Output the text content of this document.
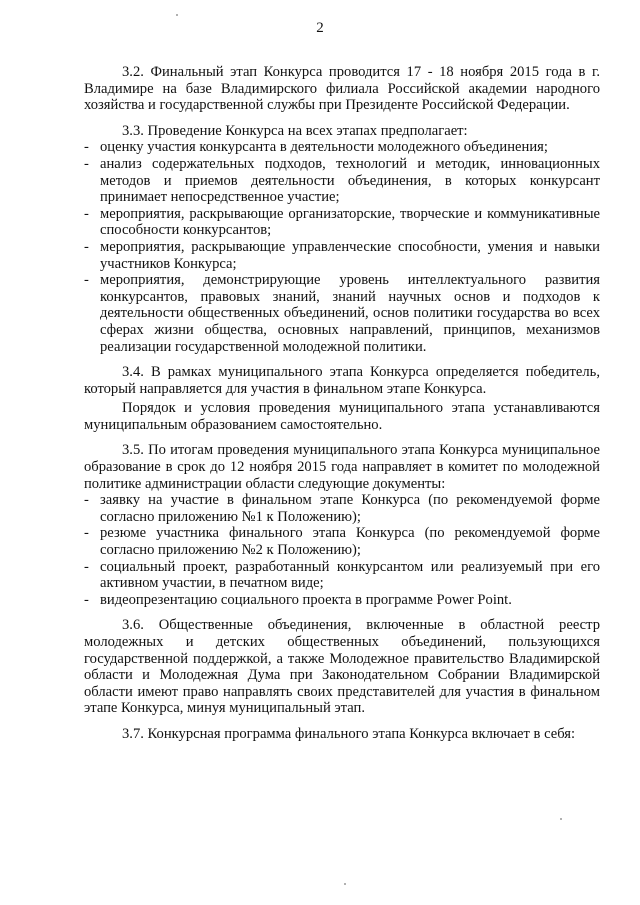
2

3.2. Финальный этап Конкурса проводится 17 - 18 ноября 2015 года в г. Владимире на базе Владимирского филиала Российской академии народного хозяйства и государственной службы при Президенте Российской Федерации.

3.3. Проведение Конкурса на всех этапах предполагает:

- оценку участия конкурсанта в деятельности молодежного объединения;

- анализ содержательных подходов, технологий и методик, инновационных методов и приемов деятельности объединения, в которых конкурсант принимает непосредственное участие;

- мероприятия, раскрывающие организаторские, творческие и коммуникативные способности конкурсантов;

- мероприятия, раскрывающие управленческие способности, умения и навыки участников Конкурса;

- мероприятия, демонстрирующие уровень интеллектуального развития конкурсантов, правовых знаний, знаний научных основ и подходов к деятельности общественных объединений, основ политики государства во всех сферах жизни общества, основных направлений, принципов, механизмов реализации государственной молодежной политики.

3.4. В рамках муниципального этапа Конкурса определяется победитель, который направляется для участия в финальном этапе Конкурса.

Порядок и условия проведения муниципального этапа устанавливаются муниципальным образованием самостоятельно.

3.5. По итогам проведения муниципального этапа Конкурса муниципальное образование в срок до 12 ноября 2015 года направляет в комитет по молодежной политике администрации области следующие документы:

- заявку на участие в финальном этапе Конкурса (по рекомендуемой форме согласно приложению №1 к Положению);

- резюме участника финального этапа Конкурса (по рекомендуемой форме согласно приложению №2 к Положению);

- социальный проект, разработанный конкурсантом или реализуемый при его активном участии, в печатном виде;

- видеопрезентацию социального проекта в программе Power Point.

3.6. Общественные объединения, включенные в областной реестр молодежных и детских общественных объединений, пользующихся государственной поддержкой, а также Молодежное правительство Владимирской области и Молодежная Дума при Законодательном Собрании Владимирской области имеют право направлять своих представителей для участия в финальном этапе Конкурса, минуя муниципальный этап.

3.7. Конкурсная программа финального этапа Конкурса включает в себя:
